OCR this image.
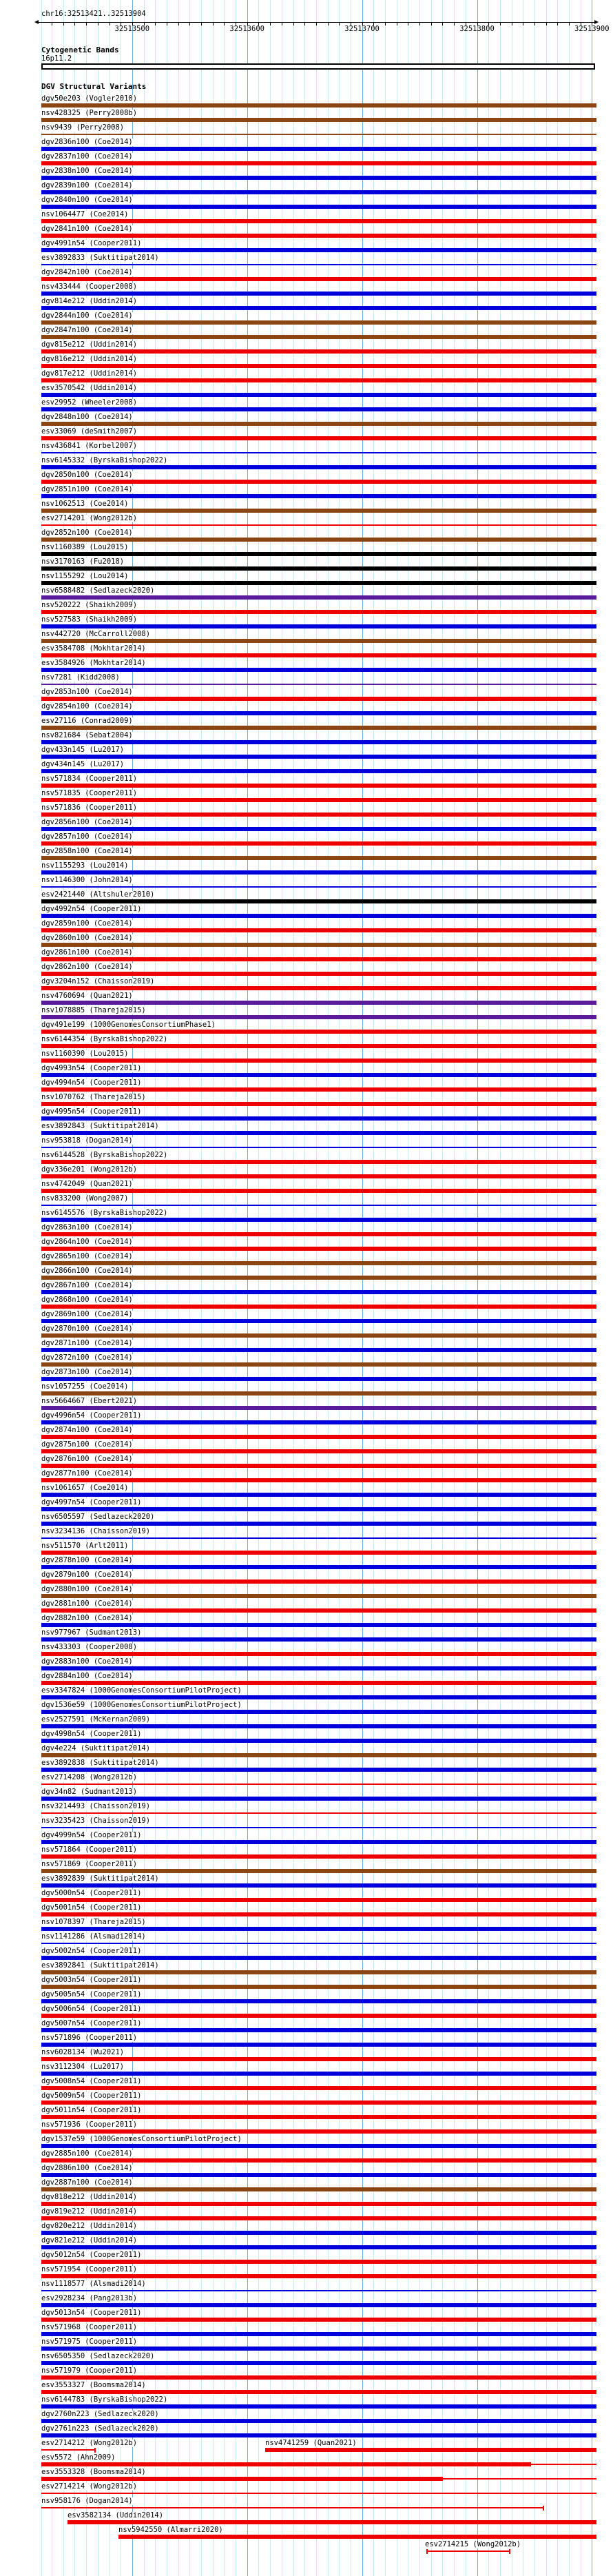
chr16:32513421..32513904
32513500	32513600	32513700	32513800	32513900
Cytogenetic Bands
16p11.2
DGV Structural Variants
dgv50e203 (Vogler2010)
nsv428325 (Perry2008b)
nsv9439 (Perry2008)
dgv2836n100 (Coe2014)
dgv2837n100 (Coe2014)
dgv2838n100 (Coe2014)
dgv2839n100 (Coe2014)
dgv2840n100 (Coe2014)
nsv1064477 (Coe2014)
dgv2841n100 (Coe2014)
dgv4991n54 (Cooper2011)
esv3892833 (Suktitipat2014)
dgv2842n100 (Coe2014)
nsv433444 (Cooper2008)
dgv814e212 (Uddin2014)
dgv2844n100 (Coe2014)
dgv2847n100 (Coe2014)
dgv815e212 (Uddin2014)
dgv816e212 (Uddin2014)
dgv817e212 (Uddin2014)
esv3570542 (Uddin2014)
esv29952 (Wheeler2008)
dgv2848n100 (Coe2014)
esv33069 (deSmith2007)
nsv436841 (Korbel2007)
nsv6145332 (ByrskaBishop2022)
dgv2850n100 (Coe2014)
dgv2851n100 (Coe2014)
nsv1062513 (Coe2014)
esv2714201 (Wong2012b)
dgv2852n100 (Coe2014)
nsv1160389 (Lou2015)
nsv3170163 (Fu2018)
nsv1155292 (Lou2014)
nsv6588482 (Sedlazeck2020)
nsv520222 (Shaikh2009)
nsv527583 (Shaikh2009)
nsv442720 (McCarroll2008)
esv3584708 (Mokhtar2014)
esv3584926 (Mokhtar2014)
nsv7281 (Kidd2008)
dgv2853n100 (Coe2014)
dgv2854n100 (Coe2014)
esv27116 (Conrad2009)
nsv821684 (Sebat2004)
dgv433n145 (Lu2017)
dgv434n145 (Lu2017)
nsv571834 (Cooper2011)
nsv571835 (Cooper2011)
nsv571836 (Cooper2011)
dgv2856n100 (Coe2014)
dgv2857n100 (Coe2014)
dgv2858n100 (Coe2014)
nsv1155293 (Lou2014)
nsv1146300 (John2014)
esv2421440 (Altshuler2010)
dgv4992n54 (Cooper2011)
dgv2859n100 (Coe2014)
dgv2860n100 (Coe2014)
dgv2861n100 (Coe2014)
dgv2862n100 (Coe2014)
dgv3204n152 (Chaisson2019)
nsv4760694 (Quan2021)
nsv1078885 (Thareja2015)
dgv491e199 (1000GenomesConsortiumPhase1)
nsv6144354 (ByrskaBishop2022)
nsv1160390 (Lou2015)
dgv4993n54 (Cooper2011)
dgv4994n54 (Cooper2011)
nsv1070762 (Thareja2015)
dgv4995n54 (Cooper2011)
esv3892843 (Suktitipat2014)
nsv953818 (Dogan2014)
nsv6144528 (ByrskaBishop2022)
dgv336e201 (Wong2012b)
nsv4742049 (Quan2021)
nsv833200 (Wong2007)
nsv6145576 (ByrskaBishop2022)
dgv2863n100 (Coe2014)
dgv2864n100 (Coe2014)
dgv2865n100 (Coe2014)
dgv2866n100 (Coe2014)
dgv2867n100 (Coe2014)
dgv2868n100 (Coe2014)
dgv2869n100 (Coe2014)
dgv2870n100 (Coe2014)
dgv2871n100 (Coe2014)
dgv2872n100 (Coe2014)
dgv2873n100 (Coe2014)
nsv1057255 (Coe2014)
nsv5664667 (Ebert2021)
dgv4996n54 (Cooper2011)
dgv2874n100 (Coe2014)
dgv2875n100 (Coe2014)
dgv2876n100 (Coe2014)
dgv2877n100 (Coe2014)
nsv1061657 (Coe2014)
dgv4997n54 (Cooper2011)
nsv6505597 (Sedlazeck2020)
nsv3234136 (Chaisson2019)
nsv511570 (Arlt2011)
dgv2878n100 (Coe2014)
dgv2879n100 (Coe2014)
dgv2880n100 (Coe2014)
dgv2881n100 (Coe2014)
dgv2882n100 (Coe2014)
nsv977967 (Sudmant2013)
nsv433303 (Cooper2008)
dgv2883n100 (Coe2014)
dgv2884n100 (Coe2014)
esv3347824 (1000GenomesConsortiumPilotProject)
dgv1536e59 (1000GenomesConsortiumPilotProject)
esv2527591 (McKernan2009)
dgv4998n54 (Cooper2011)
dgv4e224 (Suktitipat2014)
esv3892838 (Suktitipat2014)
esv2714208 (Wong2012b)
dgv34n82 (Sudmant2013)
nsv3214493 (Chaisson2019)
nsv3235423 (Chaisson2019)
dgv4999n54 (Cooper2011)
nsv571864 (Cooper2011)
nsv571869 (Cooper2011)
esv3892839 (Suktitipat2014)
dgv5000n54 (Cooper2011)
dgv5001n54 (Cooper2011)
nsv1078397 (Thareja2015)
nsv1141286 (Alsmadi2014)
dgv5002n54 (Cooper2011)
esv3892841 (Suktitipat2014)
dgv5003n54 (Cooper2011)
dgv5005n54 (Cooper2011)
dgv5006n54 (Cooper2011)
dgv5007n54 (Cooper2011)
nsv571896 (Cooper2011)
nsv6028134 (Wu2021)
nsv3112304 (Lu2017)
dgv5008n54 (Cooper2011)
dgv5009n54 (Cooper2011)
dgv5011n54 (Cooper2011)
nsv571936 (Cooper2011)
dgv1537e59 (1000GenomesConsortiumPilotProject)
dgv2885n100 (Coe2014)
dgv2886n100 (Coe2014)
dgv2887n100 (Coe2014)
dgv818e212 (Uddin2014)
dgv819e212 (Uddin2014)
dgv820e212 (Uddin2014)
dgv821e212 (Uddin2014)
dgv5012n54 (Cooper2011)
nsv571954 (Cooper2011)
nsv1118577 (Alsmadi2014)
esv2928234 (Pang2013b)
dgv5013n54 (Cooper2011)
nsv571968 (Cooper2011)
nsv571975 (Cooper2011)
nsv6505350 (Sedlazeck2020)
nsv571979 (Cooper2011)
esv3553327 (Boomsma2014)
nsv6144783 (ByrskaBishop2022)
dgv2760n223 (Sedlazeck2020)
dgv2761n223 (Sedlazeck2020)
esv2714212 (Wong2012b)	nsv4741259 (Quan2021)
esv5572 (Ahn2009)
esv3553328 (Boomsma2014)
esv2714214 (Wong2012b)
nsv958176 (Dogan2014)
esv3582134 (Uddin2014)
nsv5942550 (Almarri2020)
esv2714215 (Wong2012b)
